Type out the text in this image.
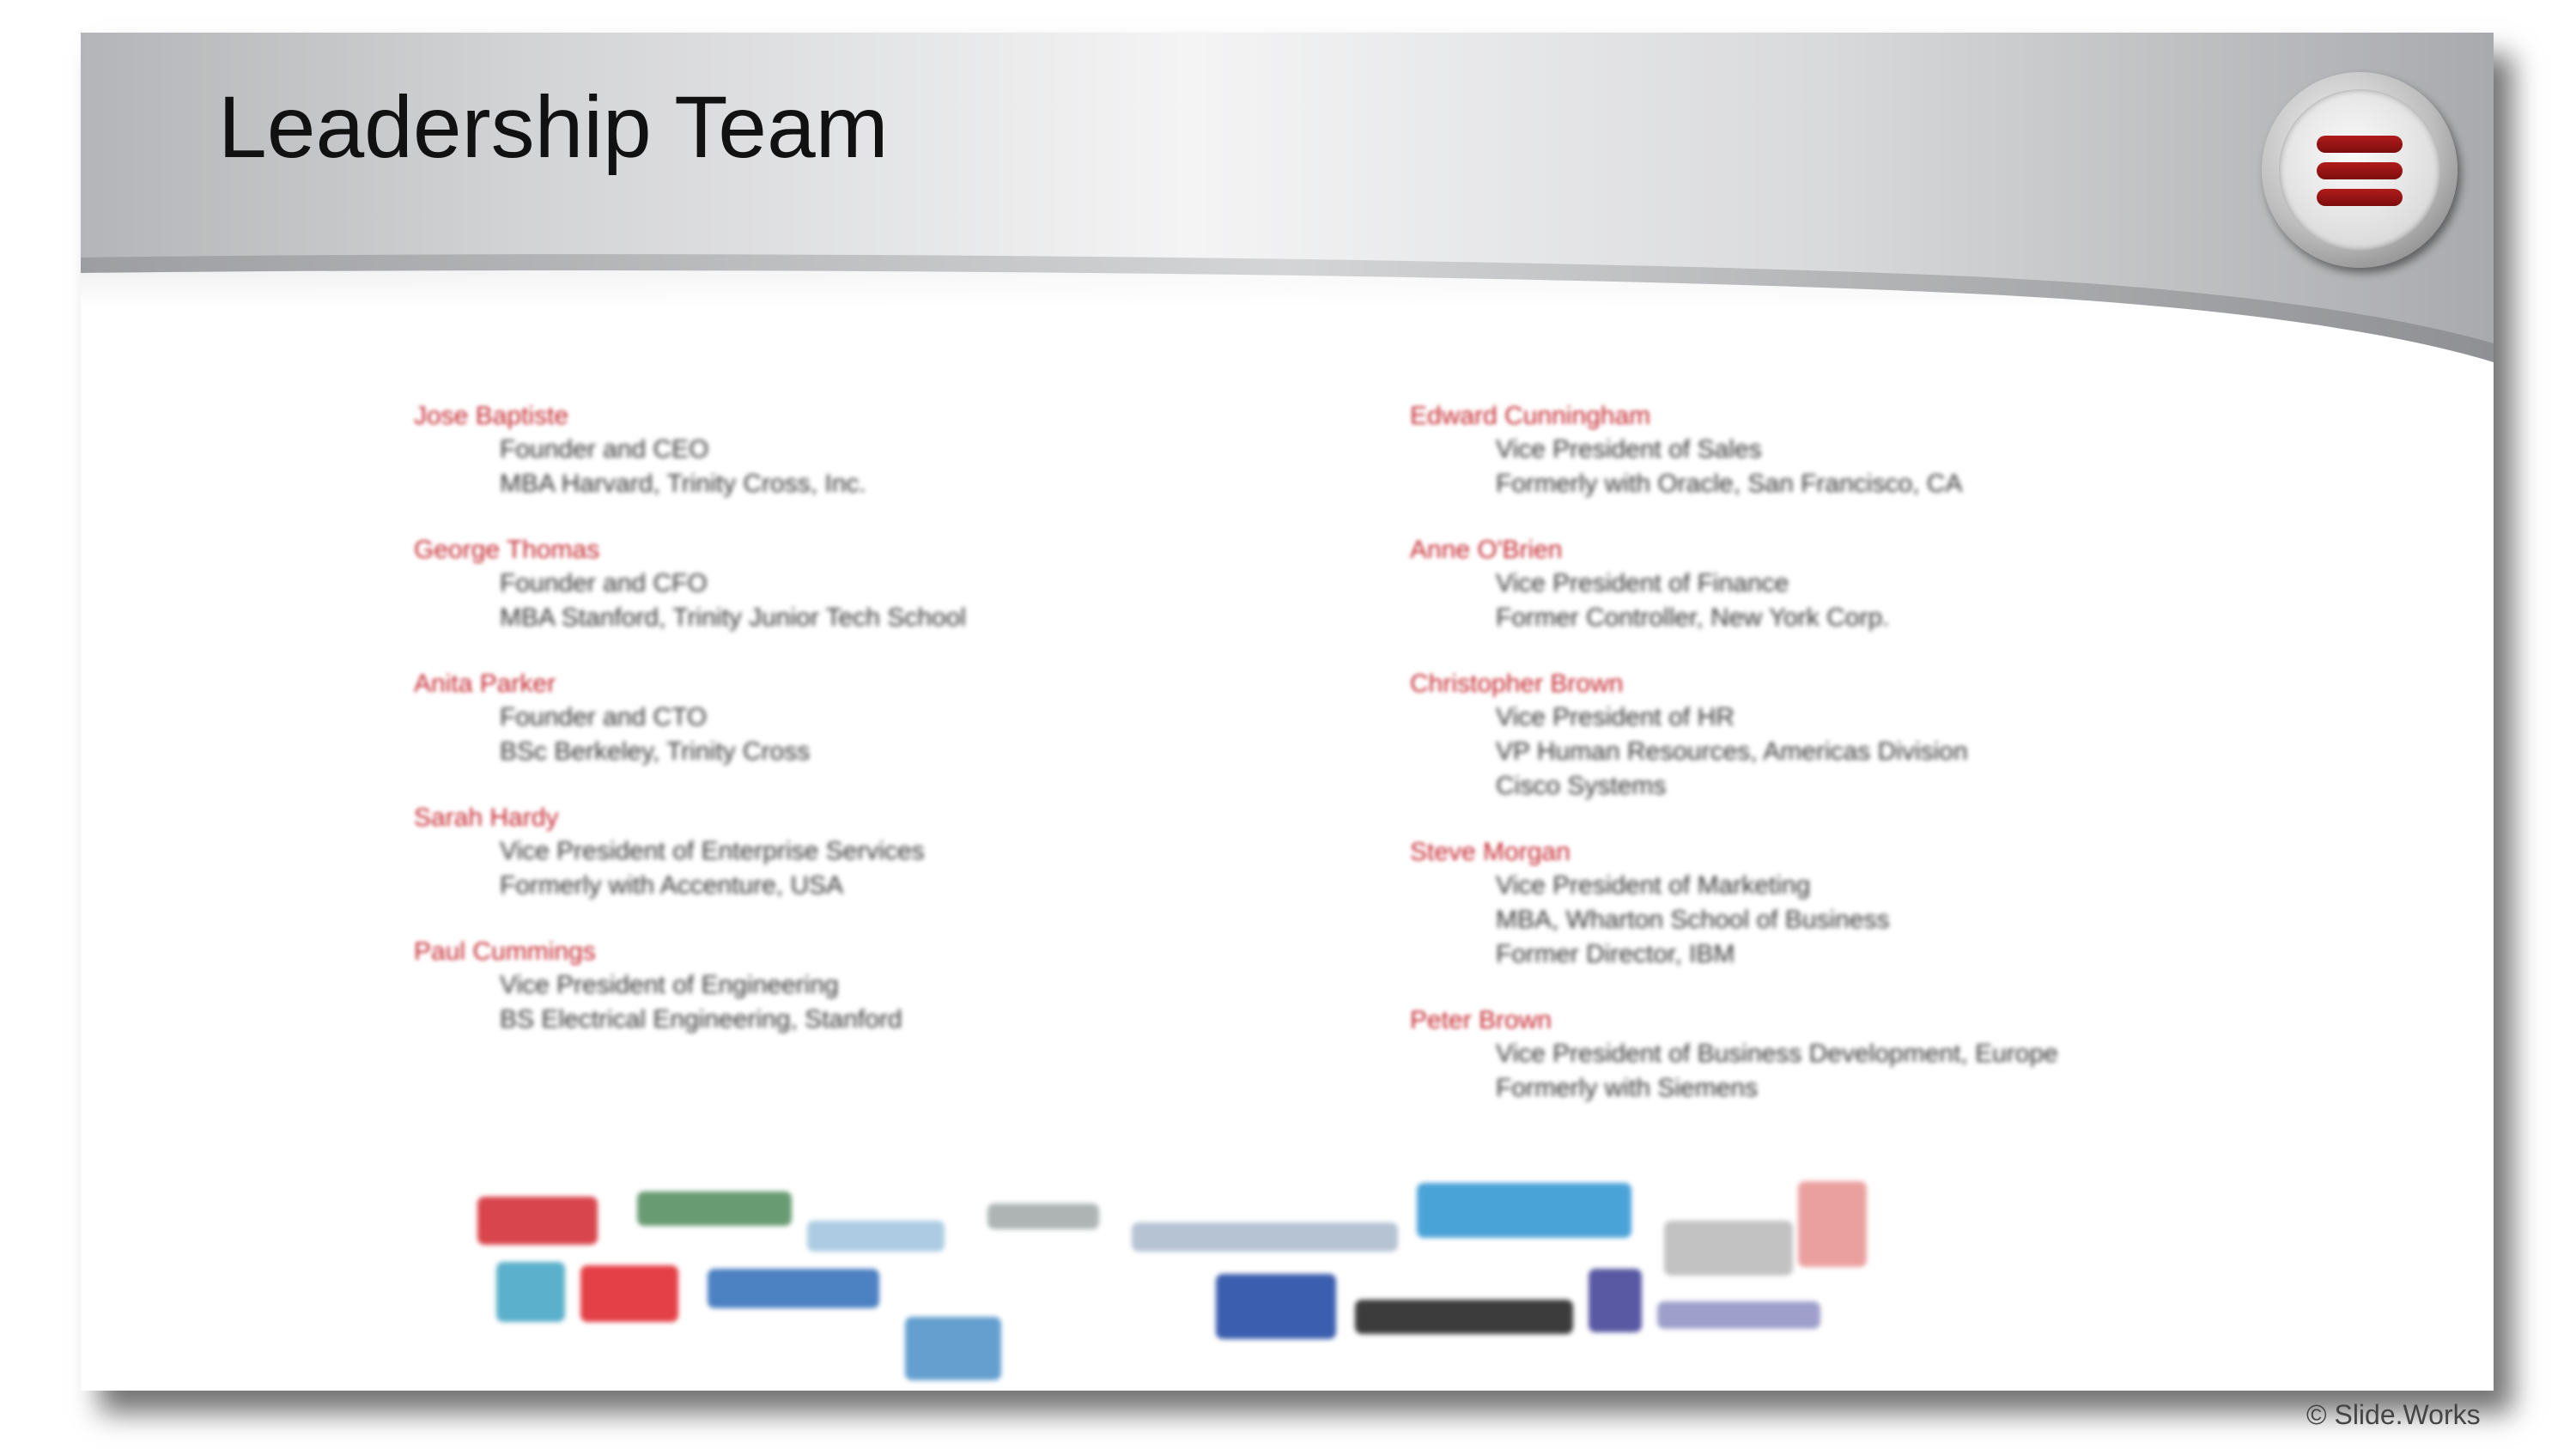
Leadership Team
Jose Baptiste
Founder and CEO
MBA Harvard, Trinity Cross, Inc.
George Thomas
Founder and CFO
MBA Stanford, Trinity Junior Tech School
Anita Parker
Founder and CTO
BSc Berkeley, Trinity Cross
Sarah Hardy
Vice President of Enterprise Services
Formerly with Accenture, USA
Paul Cummings
Vice President of Engineering
BS Electrical Engineering, Stanford
Edward Cunningham
Vice President of Sales
Formerly with Oracle, San Francisco, CA
Anne O'Brien
Vice President of Finance
Former Controller, New York Corp.
Christopher Brown
Vice President of HR
VP Human Resources, Americas Division
Cisco Systems
Steve Morgan
Vice President of Marketing
MBA, Wharton School of Business
Former Director, IBM
Peter Brown
Vice President of Business Development, Europe
Formerly with Siemens
© Slide.Works
